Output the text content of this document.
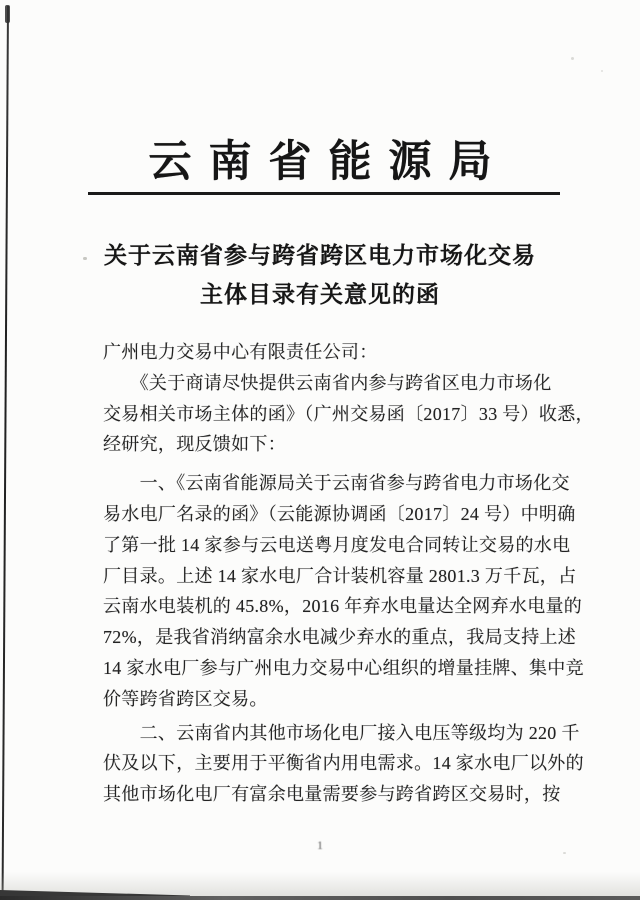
云南省能源局
关于云南省参与跨省跨区电力市场化交易
主体目录有关意见的函
广州电力交易中心有限责任公司：
　　《关于商请尽快提供云南省内参与跨省区电力市场化
交易相关市场主体的函》（广州交易函〔2017〕33 号）收悉，
经研究，现反馈如下：
　　一、《云南省能源局关于云南省参与跨省电力市场化交
易水电厂名录的函》（云能源协调函〔2017〕24 号）中明确
了第一批 14 家参与云电送粤月度发电合同转让交易的水电
厂目录。上述 14 家水电厂合计装机容量 2801.3 万千瓦，占
云南水电装机的 45.8%，2016 年弃水电量达全网弃水电量的
72%，是我省消纳富余水电减少弃水的重点，我局支持上述
14 家水电厂参与广州电力交易中心组织的增量挂牌、集中竞
价等跨省跨区交易。
　　二、云南省内其他市场化电厂接入电压等级均为 220 千
伏及以下，主要用于平衡省内用电需求。14 家水电厂以外的
其他市场化电厂有富余电量需要参与跨省跨区交易时，按
1
